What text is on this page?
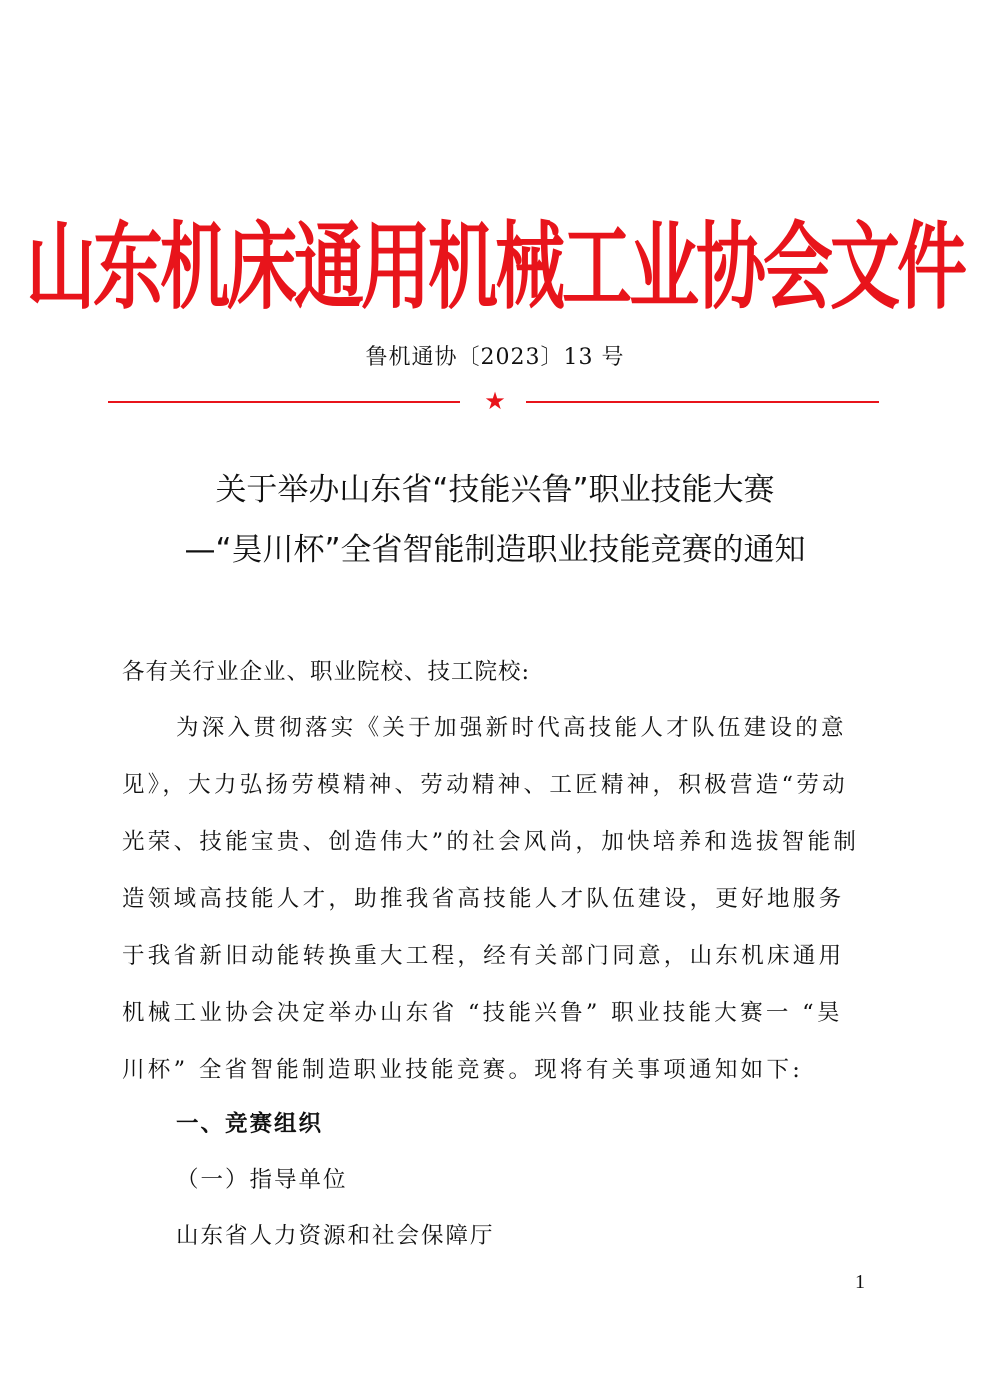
山东机床通用机械工业协会文件
鲁机通协〔2023〕13 号
★
关于举办山东省“技能兴鲁”职业技能大赛
—“昊川杯”全省智能制造职业技能竞赛的通知
各有关行业企业、职业院校、技工院校:
为深入贯彻落实《关于加强新时代高技能人才队伍建设的意
见》，大力弘扬劳模精神、劳动精神、工匠精神，积极营造“劳动
光荣、技能宝贵、创造伟大”的社会风尚，加快培养和选拔智能制
造领域高技能人才，助推我省高技能人才队伍建设，更好地服务
于我省新旧动能转换重大工程，经有关部门同意，山东机床通用
机械工业协会决定举办山东省 “技能兴鲁” 职业技能大赛一 “昊
川杯” 全省智能制造职业技能竞赛。现将有关事项通知如下:
一、竞赛组织
（一）指导单位
山东省人力资源和社会保障厅
1
